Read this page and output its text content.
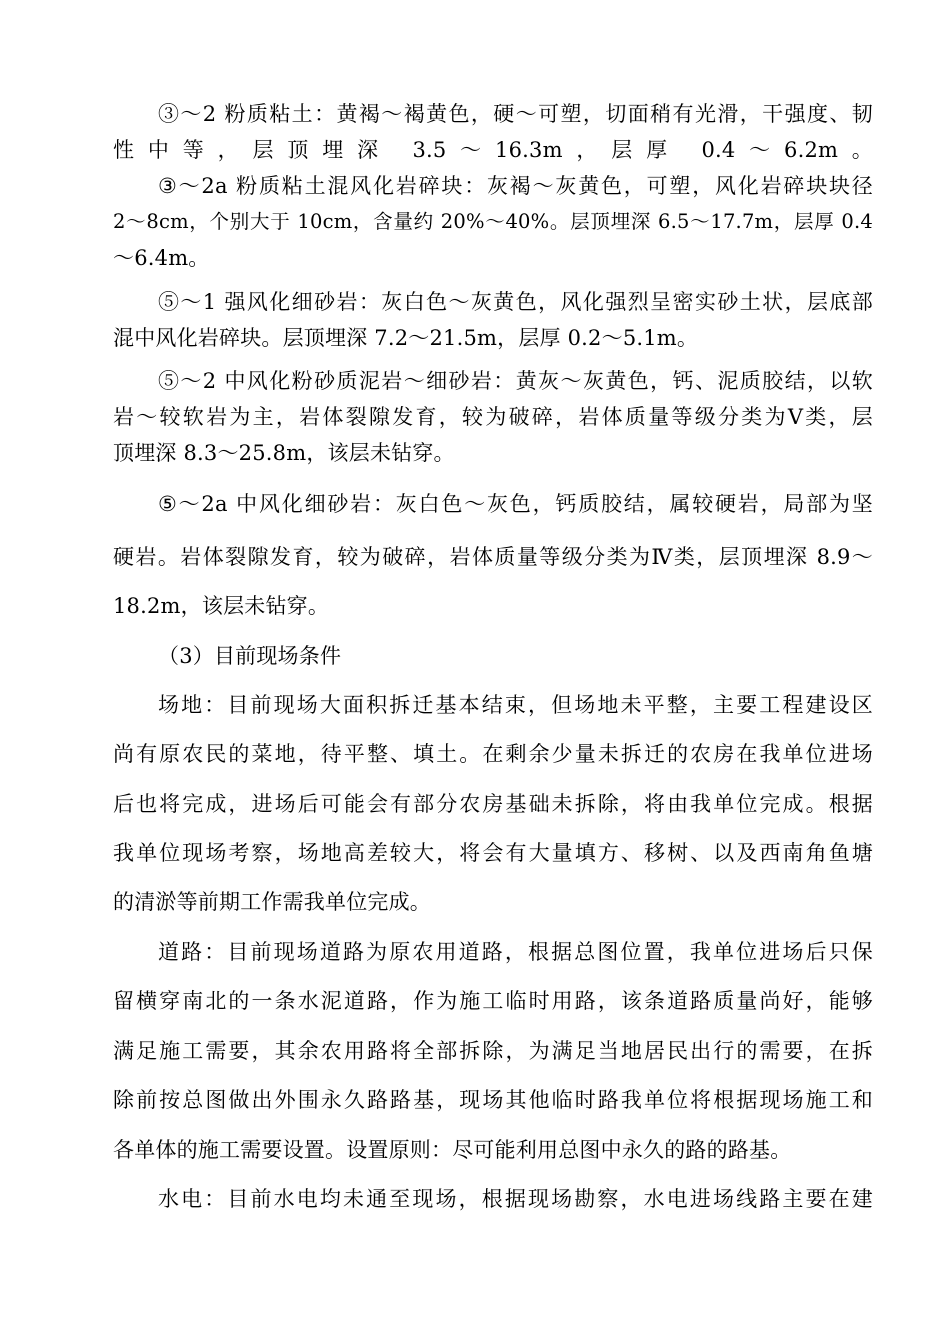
③～2 粉质粘土：黄褐～褐黄色，硬～可塑，切面稍有光滑，干强度、韧
性中等，层顶埋深 3.5～16.3m，层厚 0.4～6.2m。
③～2a 粉质粘土混风化岩碎块：灰褐～灰黄色，可塑，风化岩碎块块径
2～8cm，个别大于 10cm，含量约 20%～40%。层顶埋深 6.5～17.7m，层厚 0.4
～6.4m。
⑤～1 强风化细砂岩：灰白色～灰黄色，风化强烈呈密实砂土状，层底部
混中风化岩碎块。层顶埋深 7.2～21.5m，层厚 0.2～5.1m。
⑤～2 中风化粉砂质泥岩～细砂岩：黄灰～灰黄色，钙、泥质胶结，以软
岩～较软岩为主，岩体裂隙发育，较为破碎，岩体质量等级分类为Ⅴ类，层
顶埋深 8.3～25.8m，该层未钻穿。
⑤～2a 中风化细砂岩：灰白色～灰色，钙质胶结，属较硬岩，局部为坚
硬岩。岩体裂隙发育，较为破碎，岩体质量等级分类为Ⅳ类，层顶埋深 8.9～
18.2m，该层未钻穿。
（3）目前现场条件
场地：目前现场大面积拆迁基本结束，但场地未平整，主要工程建设区
尚有原农民的菜地，待平整、填土。在剩余少量未拆迁的农房在我单位进场
后也将完成，进场后可能会有部分农房基础未拆除，将由我单位完成。根据
我单位现场考察，场地高差较大，将会有大量填方、移树、以及西南角鱼塘
的清淤等前期工作需我单位完成。
道路：目前现场道路为原农用道路，根据总图位置，我单位进场后只保
留横穿南北的一条水泥道路，作为施工临时用路，该条道路质量尚好，能够
满足施工需要，其余农用路将全部拆除，为满足当地居民出行的需要，在拆
除前按总图做出外围永久路路基，现场其他临时路我单位将根据现场施工和
各单体的施工需要设置。设置原则：尽可能利用总图中永久的路的路基。
水电：目前水电均未通至现场，根据现场勘察，水电进场线路主要在建
